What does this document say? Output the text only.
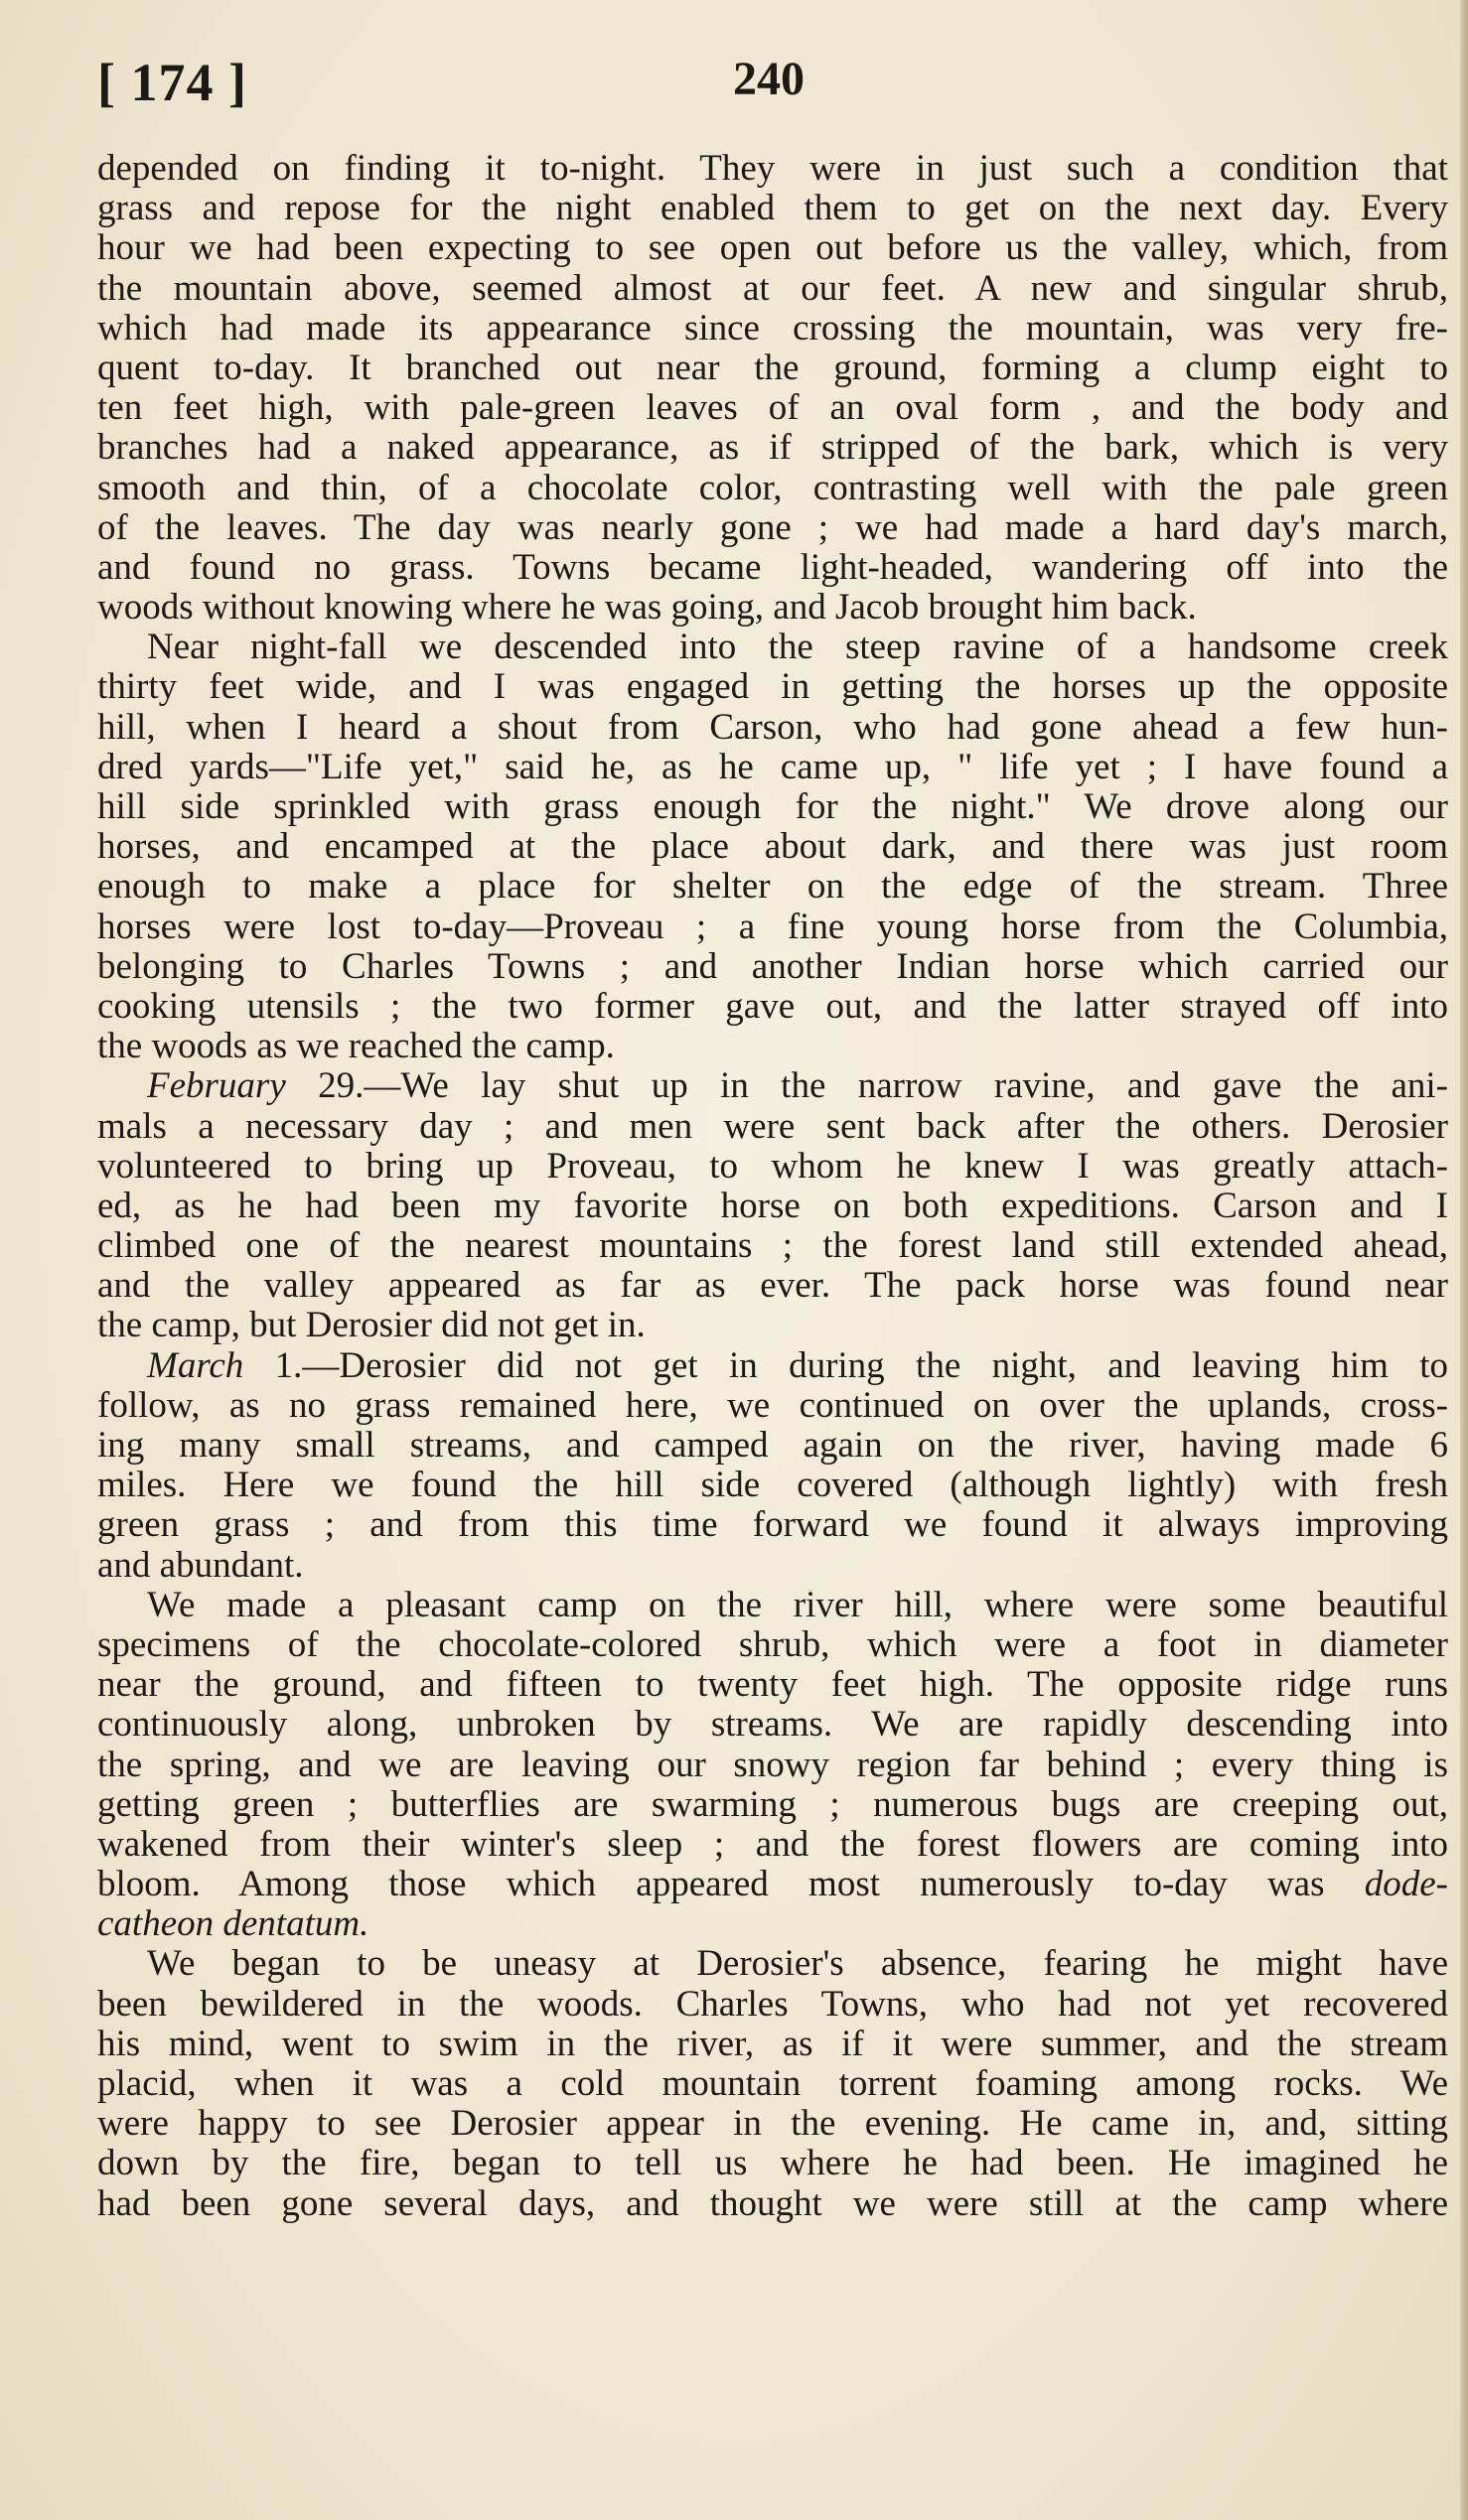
[ 174 ]	240
depended on finding it to-night. They were in just such a condition that
grass and repose for the night enabled them to get on the next day. Every
hour we had been expecting to see open out before us the valley, which, from
the mountain above, seemed almost at our feet. A new and singular shrub,
which had made its appearance since crossing the mountain, was very fre-
quent to-day. It branched out near the ground, forming a clump eight to
ten feet high, with pale-green leaves of an oval form , and the body and
branches had a naked appearance, as if stripped of the bark, which is very
smooth and thin, of a chocolate color, contrasting well with the pale green
of the leaves. The day was nearly gone ; we had made a hard day's march,
and found no grass. Towns became light-headed, wandering off into the
woods without knowing where he was going, and Jacob brought him back.
Near night-fall we descended into the steep ravine of a handsome creek
thirty feet wide, and I was engaged in getting the horses up the opposite
hill, when I heard a shout from Carson, who had gone ahead a few hun-
dred yards—"Life yet," said he, as he came up, " life yet ; I have found a
hill side sprinkled with grass enough for the night." We drove along our
horses, and encamped at the place about dark, and there was just room
enough to make a place for shelter on the edge of the stream. Three
horses were lost to-day—Proveau ; a fine young horse from the Columbia,
belonging to Charles Towns ; and another Indian horse which carried our
cooking utensils ; the two former gave out, and the latter strayed off into
the woods as we reached the camp.
February 29.—We lay shut up in the narrow ravine, and gave the ani-
mals a necessary day ; and men were sent back after the others. Derosier
volunteered to bring up Proveau, to whom he knew I was greatly attach-
ed, as he had been my favorite horse on both expeditions. Carson and I
climbed one of the nearest mountains ; the forest land still extended ahead,
and the valley appeared as far as ever. The pack horse was found near
the camp, but Derosier did not get in.
March 1.—Derosier did not get in during the night, and leaving him to
follow, as no grass remained here, we continued on over the uplands, cross-
ing many small streams, and camped again on the river, having made 6
miles. Here we found the hill side covered (although lightly) with fresh
green grass ; and from this time forward we found it always improving
and abundant.
We made a pleasant camp on the river hill, where were some beautiful
specimens of the chocolate-colored shrub, which were a foot in diameter
near the ground, and fifteen to twenty feet high. The opposite ridge runs
continuously along, unbroken by streams. We are rapidly descending into
the spring, and we are leaving our snowy region far behind ; every thing is
getting green ; butterflies are swarming ; numerous bugs are creeping out,
wakened from their winter's sleep ; and the forest flowers are coming into
bloom. Among those which appeared most numerously to-day was dode-
catheon dentatum.
We began to be uneasy at Derosier's absence, fearing he might have
been bewildered in the woods. Charles Towns, who had not yet recovered
his mind, went to swim in the river, as if it were summer, and the stream
placid, when it was a cold mountain torrent foaming among rocks. We
were happy to see Derosier appear in the evening. He came in, and, sitting
down by the fire, began to tell us where he had been. He imagined he
had been gone several days, and thought we were still at the camp where
